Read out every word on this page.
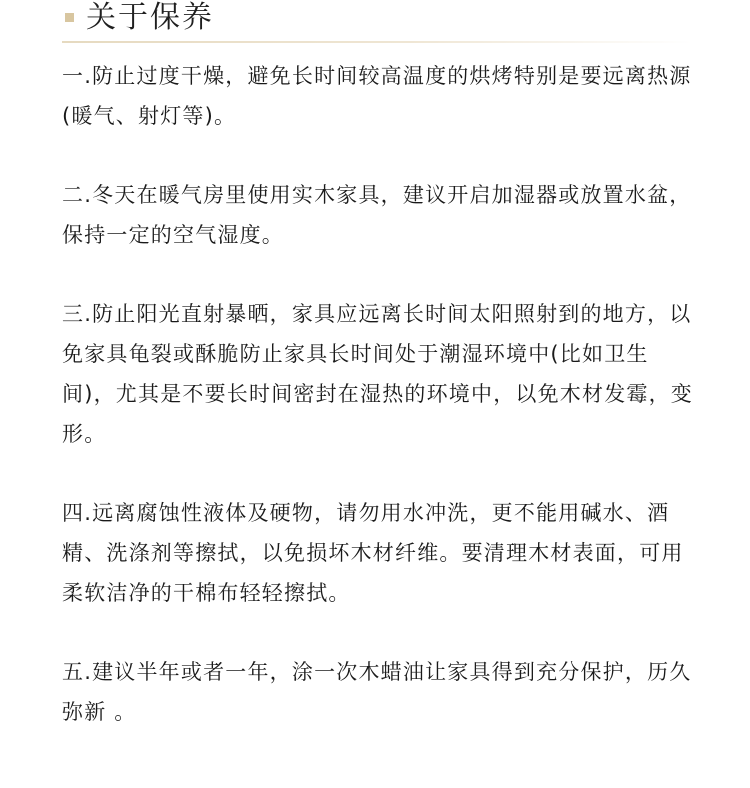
关于保养

一.防止过度干燥，避免长时间较高温度的烘烤特别是要远离热源(暖气、射灯等)。

二.冬天在暖气房里使用实木家具，建议开启加湿器或放置水盆，保持一定的空气湿度。

三.防止阳光直射暴晒，家具应远离长时间太阳照射到的地方，以免家具龟裂或酥脆防止家具长时间处于潮湿环境中(比如卫生间)，尤其是不要长时间密封在湿热的环境中，以免木材发霉，变形。

四.远离腐蚀性液体及硬物，请勿用水冲洗，更不能用碱水、酒精、洗涤剂等擦拭，以免损坏木材纤维。要清理木材表面，可用柔软洁净的干棉布轻轻擦拭。

五.建议半年或者一年，涂一次木蜡油让家具得到充分保护，历久弥新 。
